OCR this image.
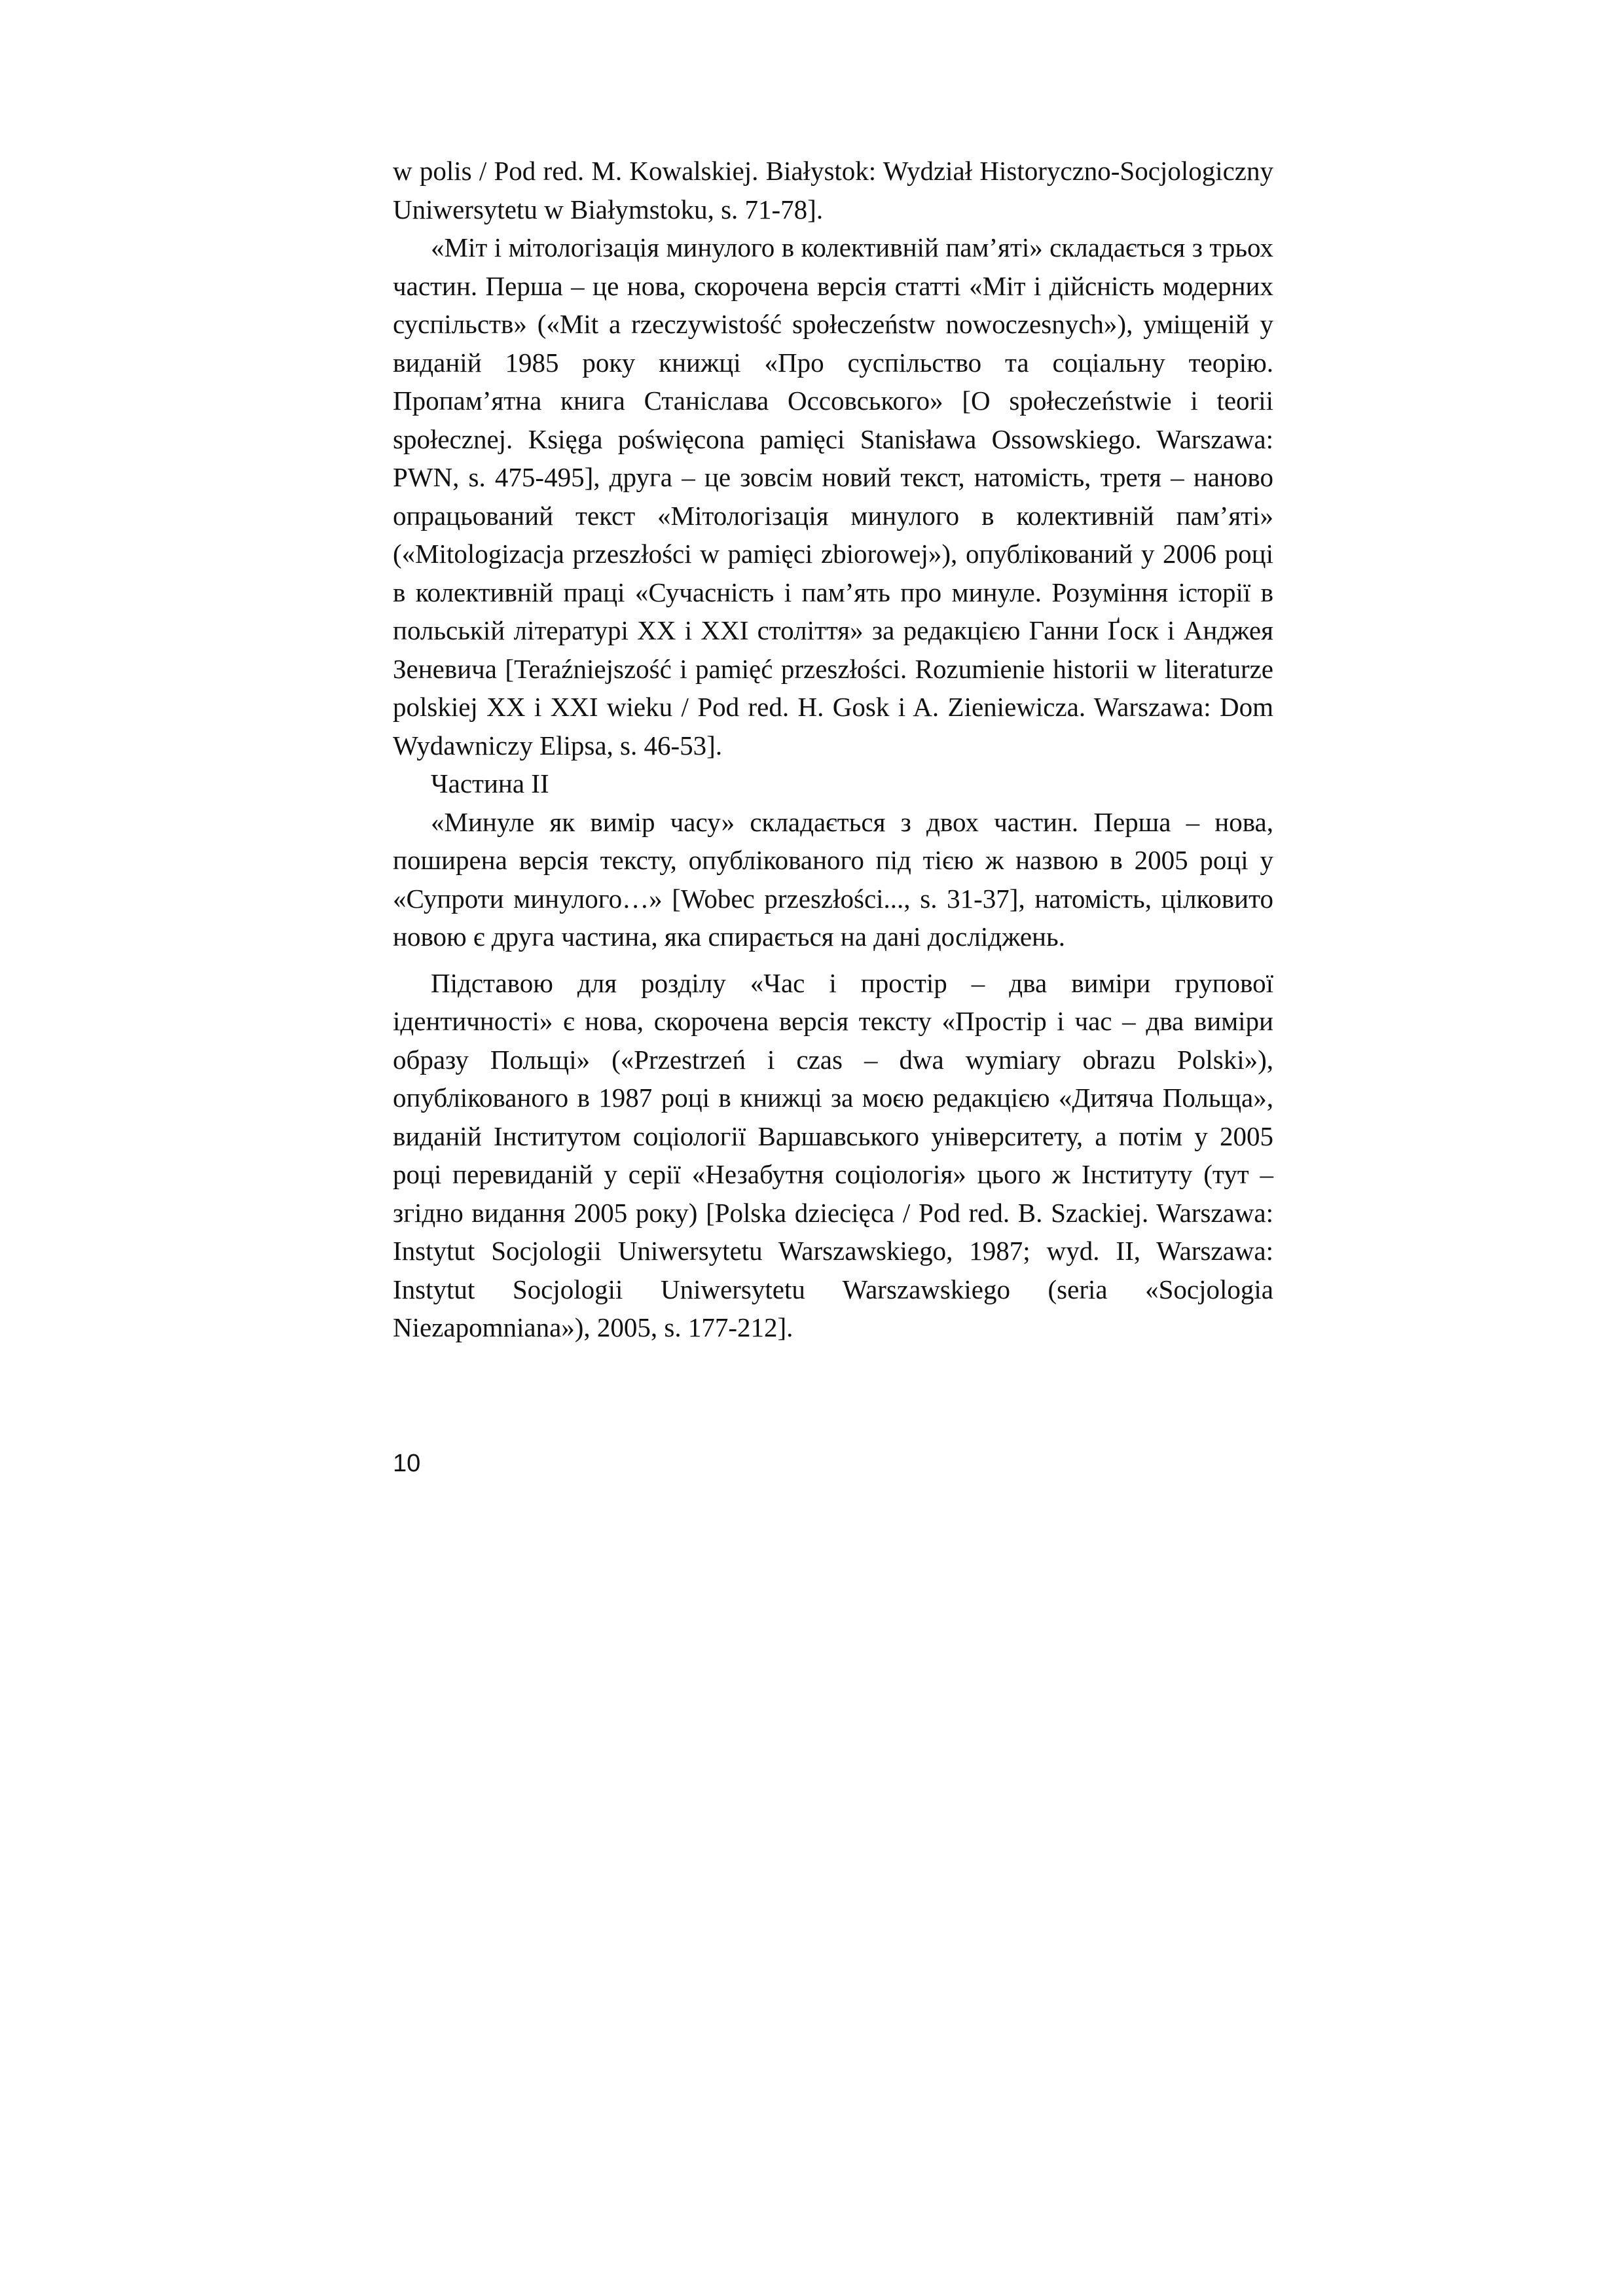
w polis / Pod red. M. Kowalskiej. Białystok: Wydział Historyczno-Socjologiczny Uniwersytetu w Białymstoku, s. 71-78].

«Міт і мітологізація минулого в колективній пам’яті» складається з трьох частин. Перша – це нова, скорочена версія статті «Міт і дійсність модерних суспільств» («Mit a rzeczywistość społeczeństw nowoczesnych»), уміщеній у виданій 1985 року книжці «Про суспільство та соціальну теорію. Пропам’ятна книга Станіслава Оссовського» [O społeczeństwie i teorii społecznej. Księga poświęcona pamięci Stanisława Ossowskiego. Warszawa: PWN, s. 475-495], друга – це зовсім новий текст, натомість, третя – наново опрацьований текст «Мітологізація минулого в колективній пам’яті» («Mitologizacja przeszłości w pamięci zbiorowej»), опублікований у 2006 році в колективній праці «Сучасність і пам’ять про минуле. Розуміння історії в польській літературі XX і XXI століття» за редакцією Ганни Ґоск і Анджея Зеневича [Teraźniejszość i pamięć przeszłości. Rozumienie historii w literaturze polskiej XX i XXI wieku / Pod red. H. Gosk i A. Zieniewicza. Warszawa: Dom Wydawniczy Elipsa, s. 46-53].

Частина II

«Минуле як вимір часу» складається з двох частин. Перша – нова, поширена версія тексту, опублікованого під тією ж назвою в 2005 році у «Супроти минулого…» [Wobec przeszłości..., s. 31-37], натомість, цілковито новою є друга частина, яка спирається на дані досліджень.

Підставою для розділу «Час і простір – два виміри групової ідентичності» є нова, скорочена версія тексту «Простір і час – два виміри образу Польщі» («Przestrzeń i czas – dwa wymiary obrazu Polski»), опублікованого в 1987 році в книжці за моєю редакцією «Дитяча Польща», виданій Інститутом соціології Варшавського університету, а потім у 2005 році перевиданій у серії «Незабутня соціологія» цього ж Інституту (тут – згідно видання 2005 року) [Polska dziecięca / Pod red. B. Szackiej. Warszawa: Instytut Socjologii Uniwersytetu Warszawskiego, 1987; wyd. II, Warszawa: Instytut Socjologii Uniwersytetu Warszawskiego (seria «Socjologia Niezapomniana»), 2005, s. 177-212].

10
